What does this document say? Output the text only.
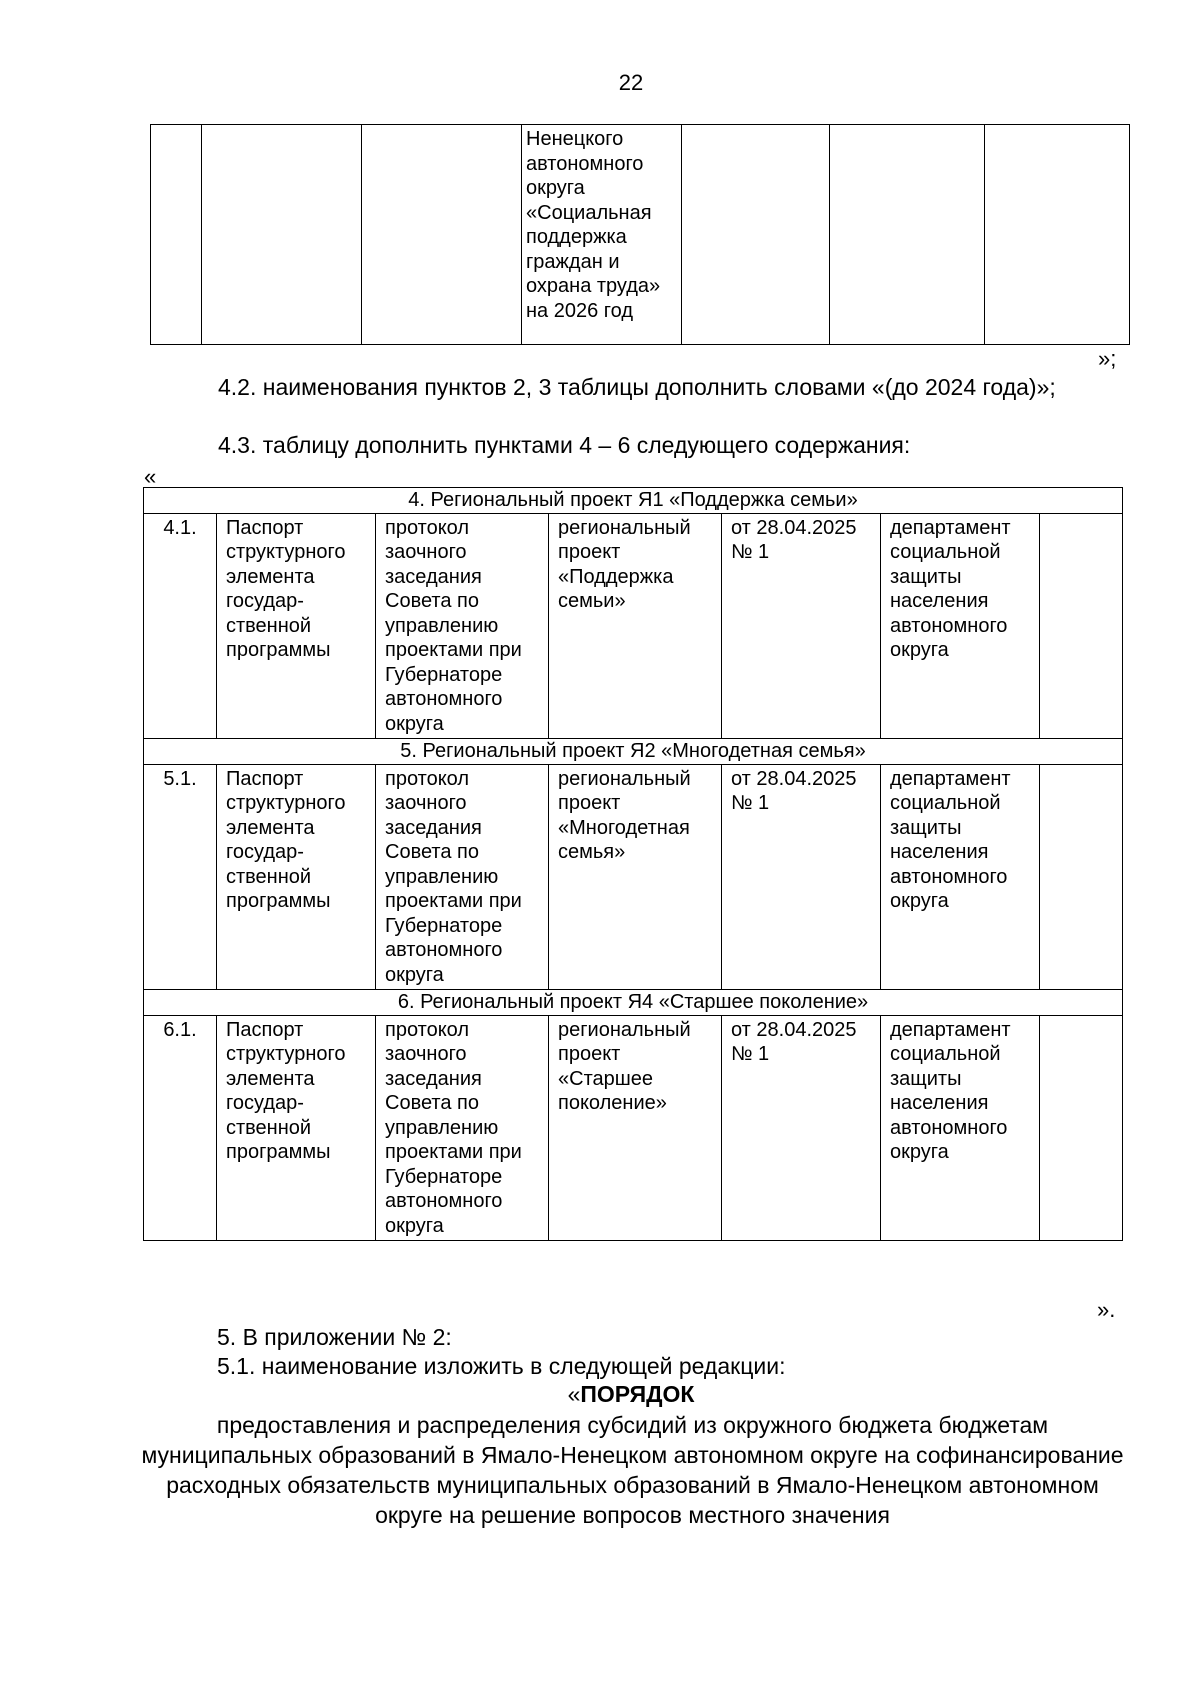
22
			Ненецкого автономного округа «Социальная поддержка граждан и охрана труда» на 2026 год			
»;
4.2. наименования пунктов 2, 3 таблицы дополнить словами «(до 2024 года)»;
4.3. таблицу дополнить пунктами 4 – 6 следующего содержания:
«
4. Региональный проект Я1 «Поддержка семьи»						
4.1.	Паспорт структурного элемента государ-ственной программы	протокол заочного заседания Совета по управлению проектами при Губернаторе автономного округа	региональный проект «Поддержка семьи»	от 28.04.2025 № 1	департамент социальной защиты населения автономного округа	
5. Региональный проект Я2 «Многодетная семья»						
5.1.	Паспорт структурного элемента государ-ственной программы	протокол заочного заседания Совета по управлению проектами при Губернаторе автономного округа	региональный проект «Многодетная семья»	от 28.04.2025 № 1	департамент социальной защиты населения автономного округа	
6. Региональный проект Я4 «Старшее поколение»						
6.1.	Паспорт структурного элемента государ-ственной программы	протокол заочного заседания Совета по управлению проектами при Губернаторе автономного округа	региональный проект «Старшее поколение»	от 28.04.2025 № 1	департамент социальной защиты населения автономного округа	
».
5. В приложении № 2:
5.1. наименование изложить в следующей редакции:
«ПОРЯДОК
предоставления и распределения субсидий из окружного бюджета бюджетам муниципальных образований в Ямало-Ненецком автономном округе на софинансирование расходных обязательств муниципальных образований в Ямало-Ненецком автономном округе на решение вопросов местного значения
